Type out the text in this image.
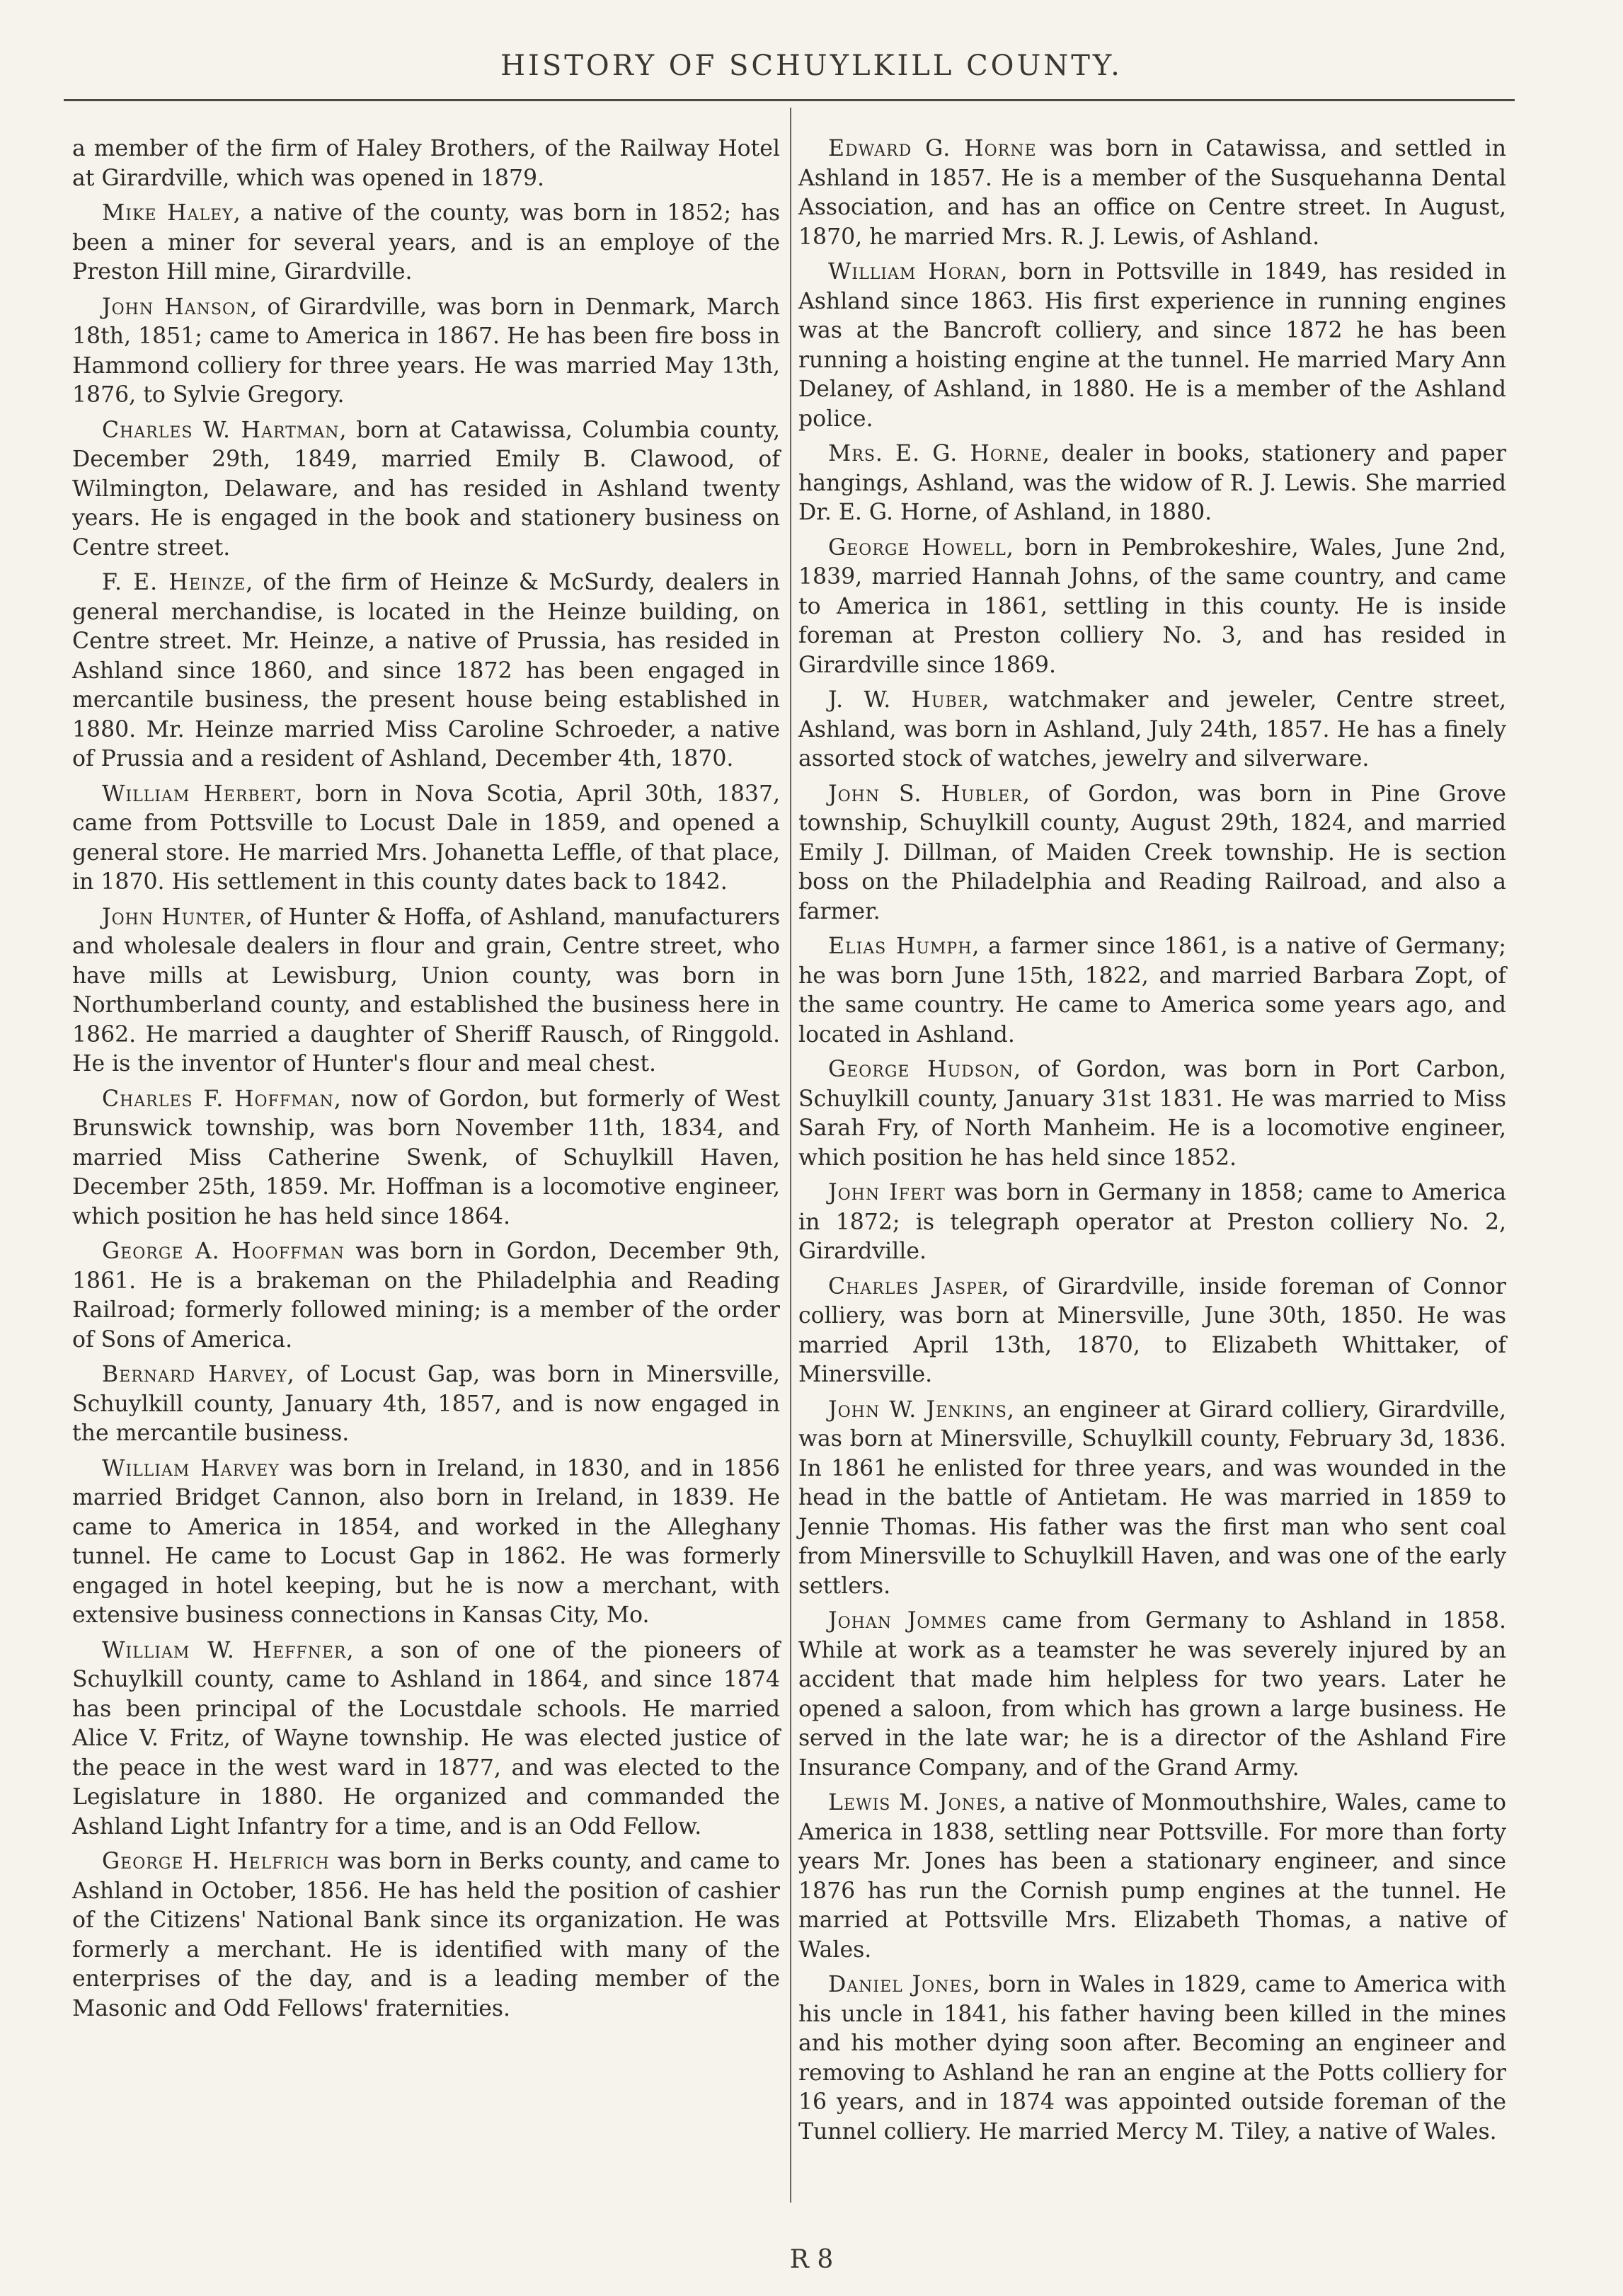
HISTORY OF SCHUYLKILL COUNTY.

a member of the firm of Haley Brothers, of the Railway Hotel at Girardville, which was opened in 1879.

Mike Haley, a native of the county, was born in 1852; has been a miner for several years, and is an employe of the Preston Hill mine, Girardville.

John Hanson, of Girardville, was born in Denmark, March 18th, 1851; came to America in 1867. He has been fire boss in Hammond colliery for three years. He was married May 13th, 1876, to Sylvie Gregory.

Charles W. Hartman, born at Catawissa, Columbia county, December 29th, 1849, married Emily B. Clawood, of Wilmington, Delaware, and has resided in Ashland twenty years. He is engaged in the book and stationery business on Centre street.

F. E. Heinze, of the firm of Heinze & McSurdy, dealers in general merchandise, is located in the Heinze building, on Centre street. Mr. Heinze, a native of Prussia, has resided in Ashland since 1860, and since 1872 has been engaged in mercantile business, the present house being established in 1880. Mr. Heinze married Miss Caroline Schroeder, a native of Prussia and a resident of Ashland, December 4th, 1870.

William Herbert, born in Nova Scotia, April 30th, 1837, came from Pottsville to Locust Dale in 1859, and opened a general store. He married Mrs. Johanetta Leffle, of that place, in 1870. His settlement in this county dates back to 1842.

John Hunter, of Hunter & Hoffa, of Ashland, manufacturers and wholesale dealers in flour and grain, Centre street, who have mills at Lewisburg, Union county, was born in Northumberland county, and established the business here in 1862. He married a daughter of Sheriff Rausch, of Ringgold. He is the inventor of Hunter's flour and meal chest.

Charles F. Hoffman, now of Gordon, but formerly of West Brunswick township, was born November 11th, 1834, and married Miss Catherine Swenk, of Schuylkill Haven, December 25th, 1859. Mr. Hoffman is a locomotive engineer, which position he has held since 1864.

George A. Hooffman was born in Gordon, December 9th, 1861. He is a brakeman on the Philadelphia and Reading Railroad; formerly followed mining; is a member of the order of Sons of America.

Bernard Harvey, of Locust Gap, was born in Minersville, Schuylkill county, January 4th, 1857, and is now engaged in the mercantile business.

William Harvey was born in Ireland, in 1830, and in 1856 married Bridget Cannon, also born in Ireland, in 1839. He came to America in 1854, and worked in the Alleghany tunnel. He came to Locust Gap in 1862. He was formerly engaged in hotel keeping, but he is now a merchant, with extensive business connections in Kansas City, Mo.

William W. Heffner, a son of one of the pioneers of Schuylkill county, came to Ashland in 1864, and since 1874 has been principal of the Locustdale schools. He married Alice V. Fritz, of Wayne township. He was elected justice of the peace in the west ward in 1877, and was elected to the Legislature in 1880. He organized and commanded the Ashland Light Infantry for a time, and is an Odd Fellow.

George H. Helfrich was born in Berks county, and came to Ashland in October, 1856. He has held the position of cashier of the Citizens' National Bank since its organization. He was formerly a merchant. He is identified with many of the enterprises of the day, and is a leading member of the Masonic and Odd Fellows' fraternities.

Edward G. Horne was born in Catawissa, and settled in Ashland in 1857. He is a member of the Susquehanna Dental Association, and has an office on Centre street. In August, 1870, he married Mrs. R. J. Lewis, of Ashland.

William Horan, born in Pottsville in 1849, has resided in Ashland since 1863. His first experience in running engines was at the Bancroft colliery, and since 1872 he has been running a hoisting engine at the tunnel. He married Mary Ann Delaney, of Ashland, in 1880. He is a member of the Ashland police.

Mrs. E. G. Horne, dealer in books, stationery and paper hangings, Ashland, was the widow of R. J. Lewis. She married Dr. E. G. Horne, of Ashland, in 1880.

George Howell, born in Pembrokeshire, Wales, June 2nd, 1839, married Hannah Johns, of the same country, and came to America in 1861, settling in this county. He is inside foreman at Preston colliery No. 3, and has resided in Girardville since 1869.

J. W. Huber, watchmaker and jeweler, Centre street, Ashland, was born in Ashland, July 24th, 1857. He has a finely assorted stock of watches, jewelry and silverware.

John S. Hubler, of Gordon, was born in Pine Grove township, Schuylkill county, August 29th, 1824, and married Emily J. Dillman, of Maiden Creek township. He is section boss on the Philadelphia and Reading Railroad, and also a farmer.

Elias Humph, a farmer since 1861, is a native of Germany; he was born June 15th, 1822, and married Barbara Zopt, of the same country. He came to America some years ago, and located in Ashland.

George Hudson, of Gordon, was born in Port Carbon, Schuylkill county, January 31st 1831. He was married to Miss Sarah Fry, of North Manheim. He is a locomotive engineer, which position he has held since 1852.

John Ifert was born in Germany in 1858; came to America in 1872; is telegraph operator at Preston colliery No. 2, Girardville.

Charles Jasper, of Girardville, inside foreman of Connor colliery, was born at Minersville, June 30th, 1850. He was married April 13th, 1870, to Elizabeth Whittaker, of Minersville.

John W. Jenkins, an engineer at Girard colliery, Girardville, was born at Minersville, Schuylkill county, February 3d, 1836. In 1861 he enlisted for three years, and was wounded in the head in the battle of Antietam. He was married in 1859 to Jennie Thomas. His father was the first man who sent coal from Minersville to Schuylkill Haven, and was one of the early settlers.

Johan Jommes came from Germany to Ashland in 1858. While at work as a teamster he was severely injured by an accident that made him helpless for two years. Later he opened a saloon, from which has grown a large business. He served in the late war; he is a director of the Ashland Fire Insurance Company, and of the Grand Army.

Lewis M. Jones, a native of Monmouthshire, Wales, came to America in 1838, settling near Pottsville. For more than forty years Mr. Jones has been a stationary engineer, and since 1876 has run the Cornish pump engines at the tunnel. He married at Pottsville Mrs. Elizabeth Thomas, a native of Wales.

Daniel Jones, born in Wales in 1829, came to America with his uncle in 1841, his father having been killed in the mines and his mother dying soon after. Becoming an engineer and removing to Ashland he ran an engine at the Potts colliery for 16 years, and in 1874 was appointed outside foreman of the Tunnel colliery. He married Mercy M. Tiley, a native of Wales.

R 8
